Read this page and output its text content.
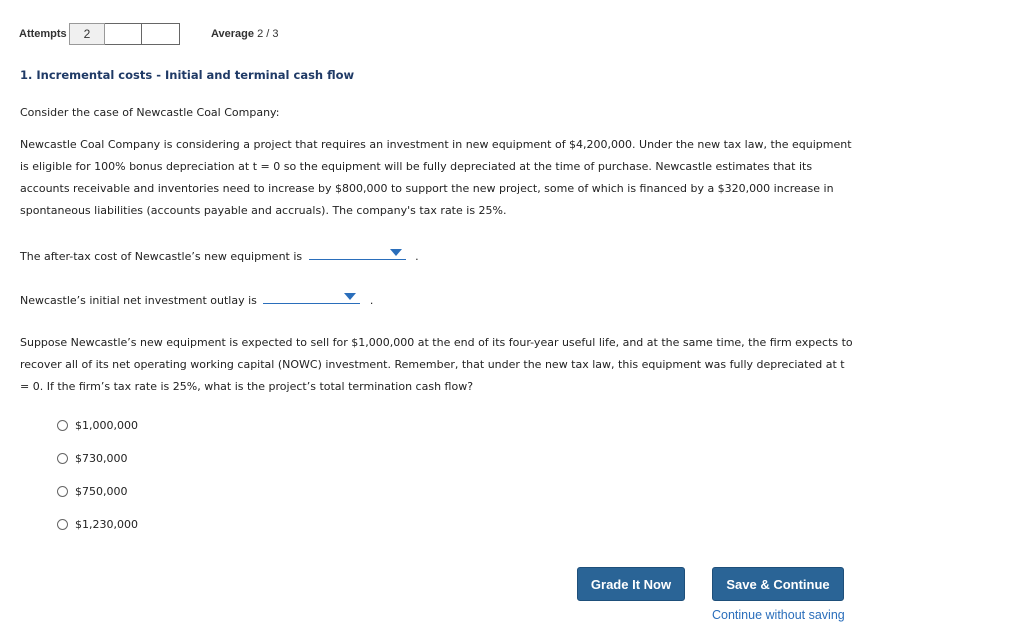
Attempts	2	Average 2 / 3
1. Incremental costs - Initial and terminal cash flow
Consider the case of Newcastle Coal Company:
Newcastle Coal Company is considering a project that requires an investment in new equipment of $4,200,000. Under the new tax law, the equipment
is eligible for 100% bonus depreciation at t = 0 so the equipment will be fully depreciated at the time of purchase. Newcastle estimates that its
accounts receivable and inventories need to increase by $800,000 to support the new project, some of which is financed by a $320,000 increase in
spontaneous liabilities (accounts payable and accruals). The company's tax rate is 25%.
The after-tax cost of Newcastle’s new equipment is	.
Newcastle’s initial net investment outlay is	.
Suppose Newcastle’s new equipment is expected to sell for $1,000,000 at the end of its four-year useful life, and at the same time, the firm expects to
recover all of its net operating working capital (NOWC) investment. Remember, that under the new tax law, this equipment was fully depreciated at t
= 0. If the firm’s tax rate is 25%, what is the project’s total termination cash flow?
$1,000,000
$730,000
$750,000
$1,230,000
Grade It Now	Save & Continue
Continue without saving
